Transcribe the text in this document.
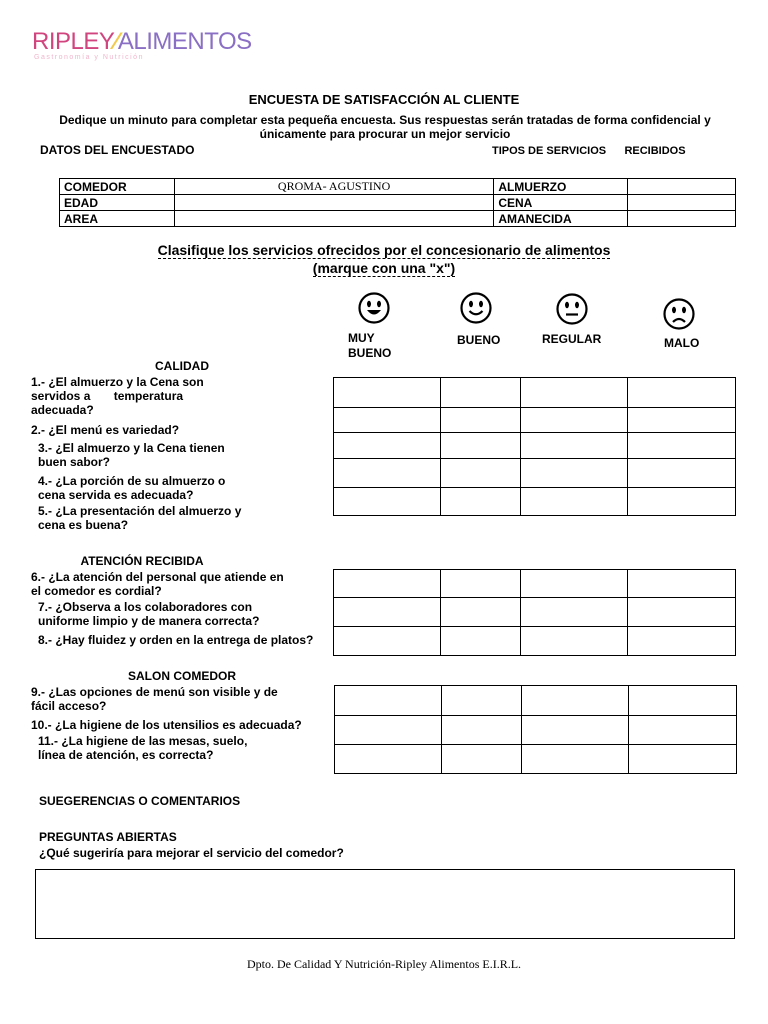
RIPLEY⁄ALIMENTOS
Gastronomía y Nutrición
ENCUESTA DE SATISFACCIÓN AL CLIENTE
Dedique un minuto para completar esta pequeña encuesta. Sus respuestas serán tratadas de forma confidencial y únicamente para procurar un mejor servicio
DATOS DEL ENCUESTADO	TIPOS DE SERVICIOS RECIBIDOS
COMEDOR	QROMA- AGUSTINO	ALMUERZO	
EDAD		CENA	
AREA		AMANECIDA	
Clasifique los servicios ofrecidos por el concesionario de alimentos
(marque con una "x")
MUY
BUENO
BUENO	REGULAR	MALO
CALIDAD
1.- ¿El almuerzo y la Cena son
servidos a       temperatura
adecuada?
2.- ¿El menú es variedad?
3.- ¿El almuerzo y la Cena tienen
buen sabor?
4.- ¿La porción de su almuerzo o
cena servida es adecuada?
5.- ¿La presentación del almuerzo y
cena es buena?

ATENCIÓN RECIBIDA
6.- ¿La atención del personal que atiende en
el comedor es cordial?
7.- ¿Observa a los colaboradores con
uniforme limpio y de manera correcta?
8.- ¿Hay fluidez y orden en la entrega de platos?

SALON COMEDOR
9.- ¿Las opciones de menú son visible y de
fácil acceso?
10.- ¿La higiene de los utensilios es adecuada?
11.- ¿La higiene de las mesas, suelo,
línea de atención, es correcta?

SUEGERENCIAS O COMENTARIOS
PREGUNTAS ABIERTAS
¿Qué sugeriría para mejorar el servicio del comedor?
Dpto. De Calidad Y Nutrición-Ripley Alimentos E.I.R.L.
